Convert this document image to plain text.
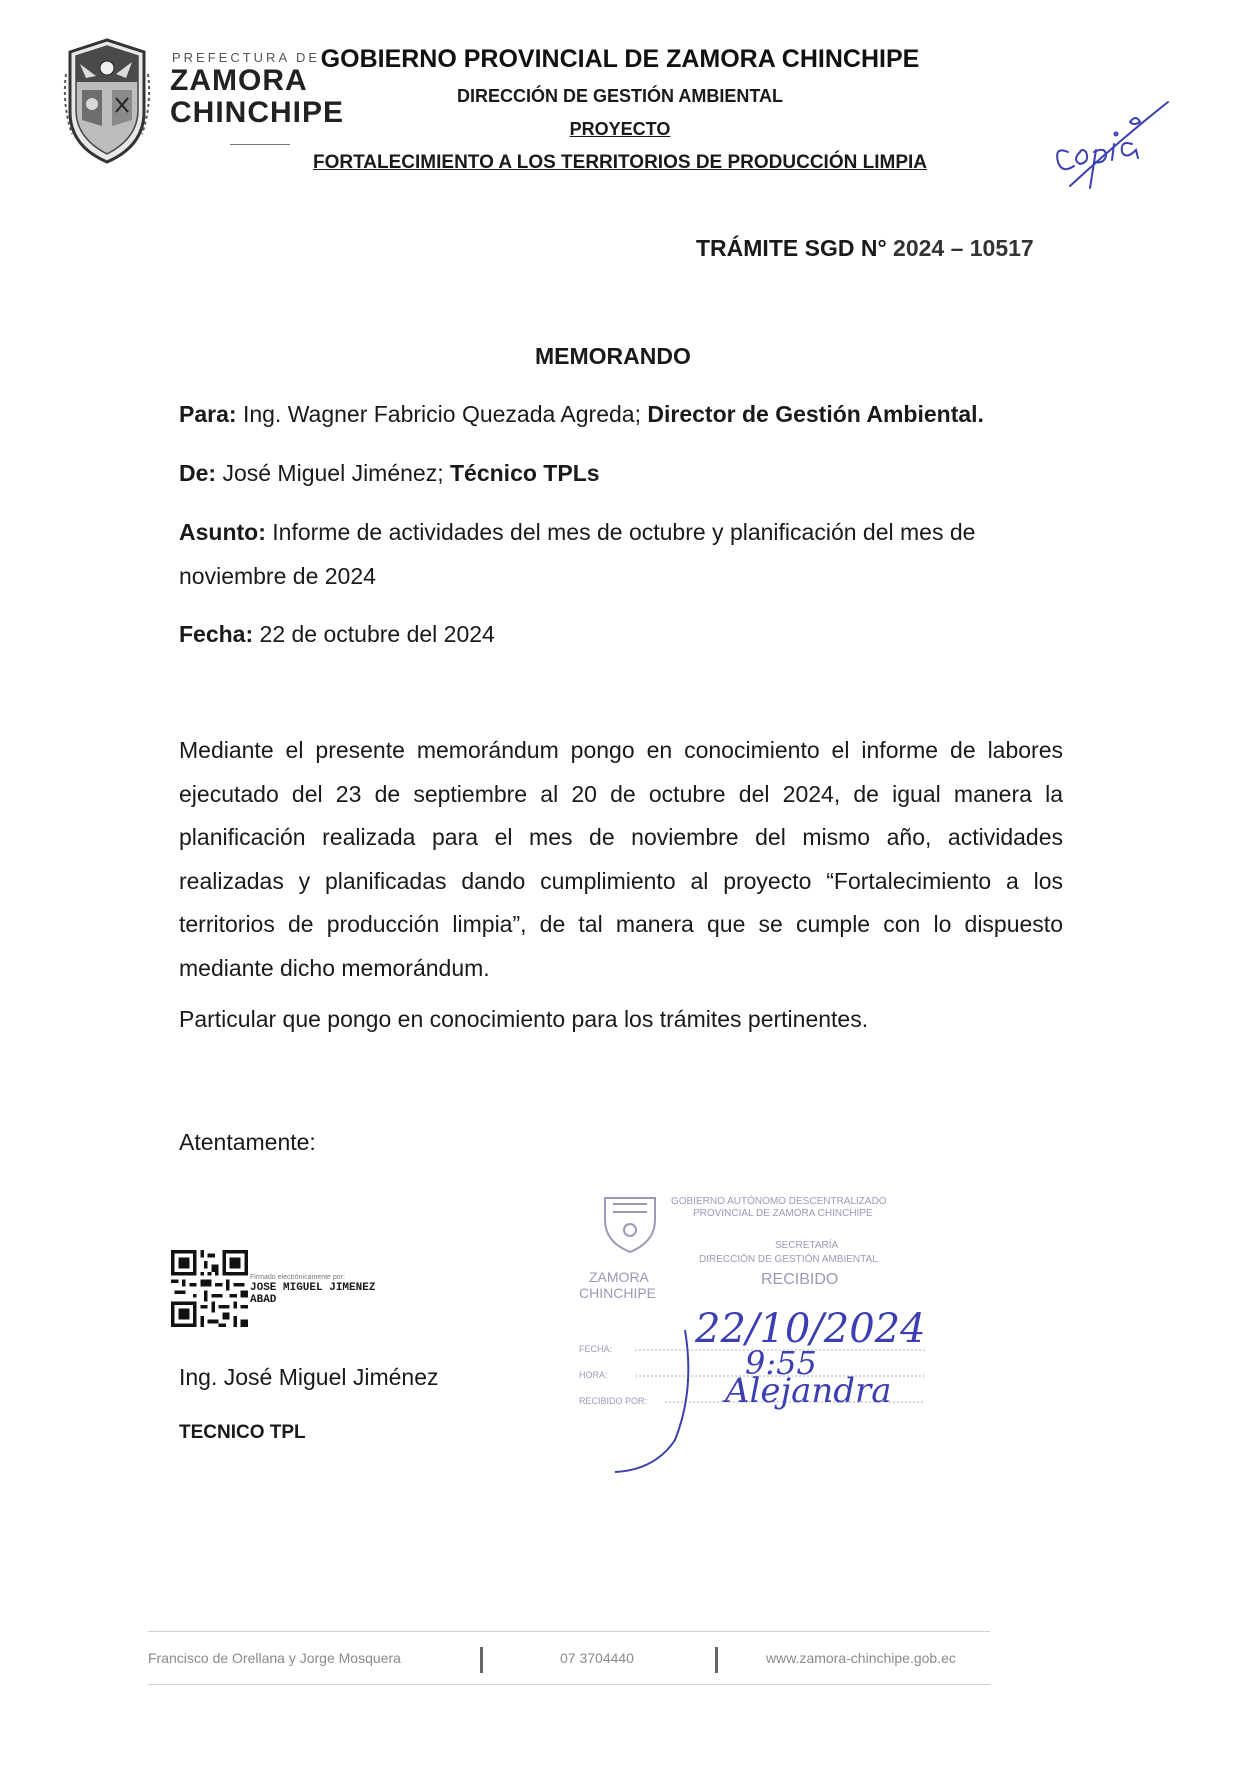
PREFECTURA DE
ZAMORA
CHINCHIPE
GOBIERNO PROVINCIAL DE ZAMORA CHINCHIPE
DIRECCIÓN DE GESTIÓN AMBIENTAL
PROYECTO
FORTALECIMIENTO A LOS TERRITORIOS DE PRODUCCIÓN LIMPIA
TRÁMITE SGD N° 2024 – 10517
MEMORANDO
Para: Ing. Wagner Fabricio Quezada Agreda; Director de Gestión Ambiental.
De: José Miguel Jiménez; Técnico TPLs
Asunto: Informe de actividades del mes de octubre y planificación del mes de noviembre de 2024
Fecha: 22 de octubre del 2024
Mediante el presente memorándum pongo en conocimiento el informe de labores ejecutado del 23 de septiembre al 20 de octubre del 2024, de igual manera la planificación realizada para el mes de noviembre del mismo año, actividades realizadas y planificadas dando cumplimiento al proyecto “Fortalecimiento a los territorios de producción limpia”, de tal manera que se cumple con lo dispuesto mediante dicho memorándum.
Particular que pongo en conocimiento para los trámites pertinentes.
Atentamente:
Firmado electrónicamente por:
JOSE MIGUEL JIMENEZ
ABAD
Ing. José Miguel Jiménez
TECNICO TPL
GOBIERNO AUTÓNOMO DESCENTRALIZADO
PROVINCIAL DE ZAMORA CHINCHIPE
SECRETARÍA
DIRECCIÓN DE GESTIÓN AMBIENTAL
RECIBIDO
ZAMORA
CHINCHIPE
FECHA:
HORA:
RECIBIDO POR:
22/10/2024
9:55
Alejandra
Francisco de Orellana y Jorge Mosquera	07 3704440	www.zamora-chinchipe.gob.ec
